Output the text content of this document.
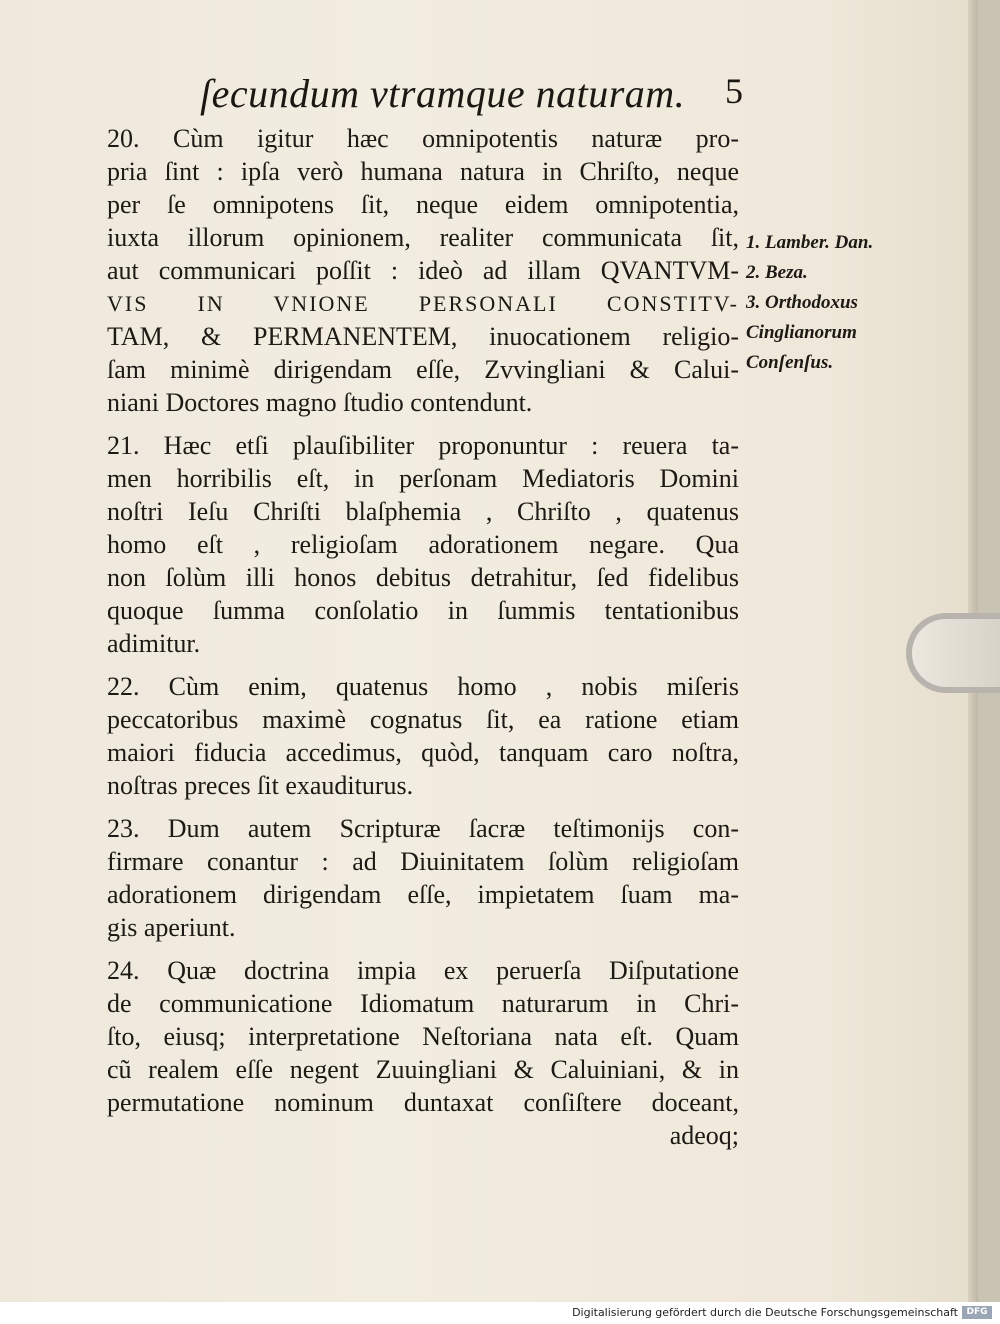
ſecundum vtramque naturam. 5
20. Cùm igitur hæc omnipotentis naturæ pro-
pria ſint : ipſa verò humana natura in Chriſto, neque
per ſe omnipotens ſit, neque eidem omnipotentia,
iuxta illorum opinionem, realiter communicata ſit,
aut communicari poſſit : ideò ad illam QVANTVM-
VIS IN VNIONE PERSONALI CONSTITV-
TAM, & PERMANENTEM, inuocationem religio-
ſam minimè dirigendam eſſe, Zvvingliani & Calui-
niani Doctores magno ſtudio contendunt.
21. Hæc etſi plauſibiliter proponuntur : reuera ta-
men horribilis eſt, in perſonam Mediatoris Domini
noſtri Ieſu Chriſti blaſphemia , Chriſto , quatenus
homo eſt , religioſam adorationem negare. Qua
non ſolùm illi honos debitus detrahitur, ſed fidelibus
quoque ſumma conſolatio in ſummis tentationibus
adimitur.
22. Cùm enim, quatenus homo , nobis miſeris
peccatoribus maximè cognatus ſit, ea ratione etiam
maiori fiducia accedimus, quòd, tanquam caro noſtra,
noſtras preces ſit exauditurus.
23. Dum autem Scripturæ ſacræ teſtimonijs con-
firmare conantur : ad Diuinitatem ſolùm religioſam
adorationem dirigendam eſſe, impietatem ſuam ma-
gis aperiunt.
24. Quæ doctrina impia ex peruerſa Diſputatione
de communicatione Idiomatum naturarum in Chri-
ſto, eiusq; interpretatione Neſtoriana nata eſt. Quam
cũ realem eſſe negent Zuuingliani & Caluiniani, & in
permutatione nominum duntaxat conſiſtere doceant,
adeoq;
1. Lamber. Dan.
2. Beza.
3. Orthodoxus
Cinglianorum
Conſenſus.
Digitalisierung gefördert durch die Deutsche Forschungsgemeinschaft DFG
